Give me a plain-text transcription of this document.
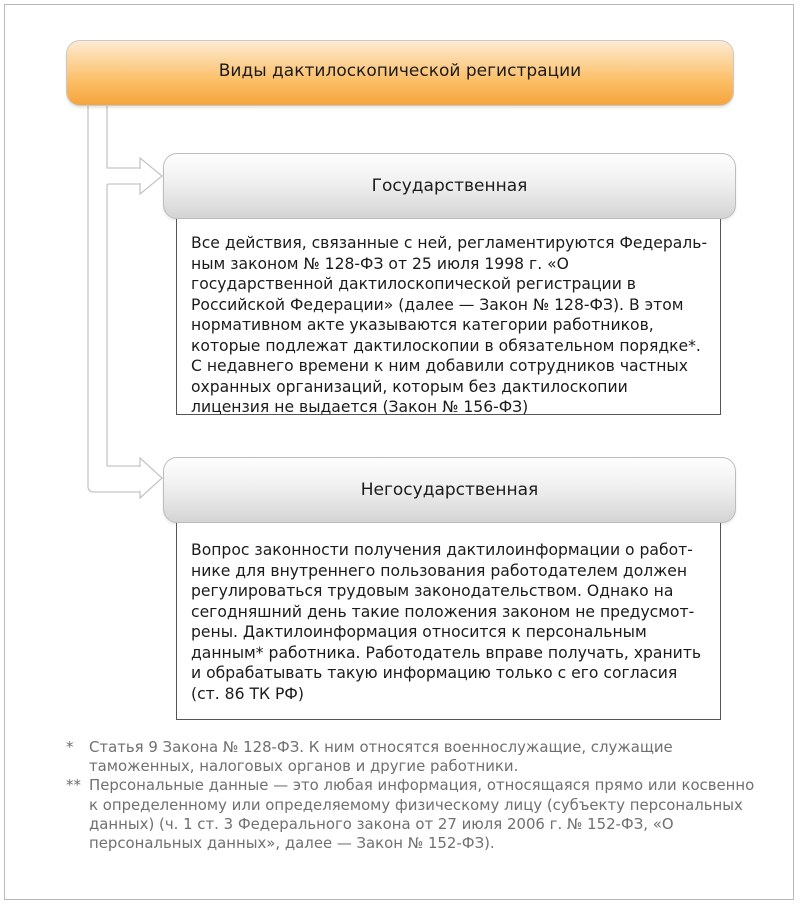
Виды дактилоскопической регистрации
Государственная

Все действия, связанные с ней, регламентируются Федеральным законом № 128-ФЗ от 25 июля 1998 г. «О государственной дактилоскопической регистрации в Российской Федерации» (далее — Закон № 128-ФЗ). В этом нормативном акте указываются категории работников, которые подлежат дактилоскопии в обязательном порядке*. С недавнего времени к ним добавили сотрудников частных охранных организаций, которым без дактилоскопии лицензия не выдается (Закон № 156-ФЗ)

Негосударственная

Вопрос законности получения дактилоинформации о работнике для внутреннего пользования работодателем должен регулироваться трудовым законодательством. Однако на сегодняшний день такие положения законом не предусмотрены. Дактилоинформация относится к персональным данным* работника. Работодатель вправе получать, хранить и обрабатывать такую информацию только с его согласия (ст. 86 ТК РФ)

* Статья 9 Закона № 128-ФЗ. К ним относятся военнослужащие, служащие таможенных, налоговых органов и другие работники.
** Персональные данные — это любая информация, относящаяся прямо или косвенно к определенному или определяемому физическому лицу (субъекту персональных данных) (ч. 1 ст. 3 Федерального закона от 27 июля 2006 г. № 152-ФЗ, «О персональных данных», далее — Закон № 152-ФЗ).
